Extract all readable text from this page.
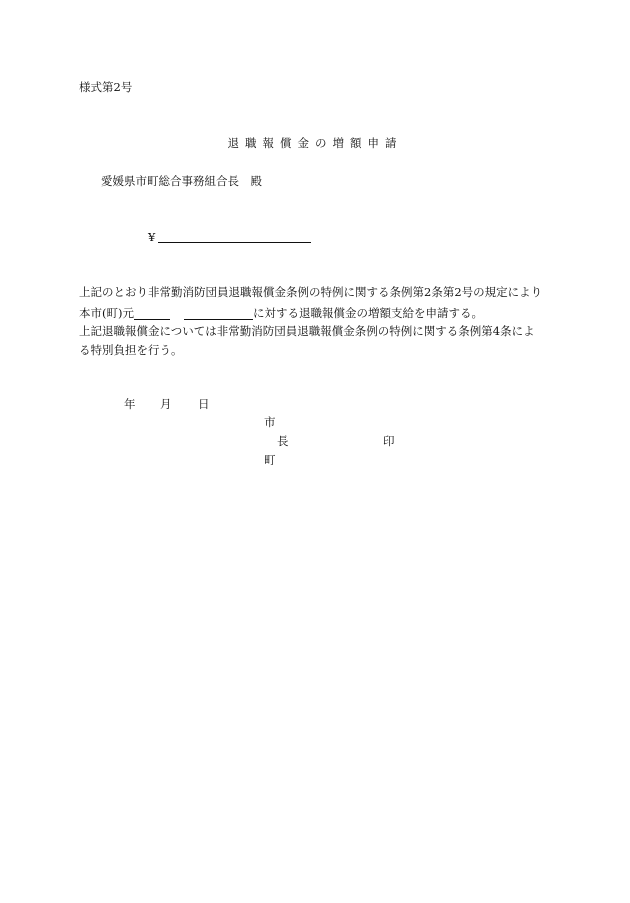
様式第2号
退職報償金の増額申請
愛媛県市町総合事務組合長　殿
¥
上記のとおり非常勤消防団員退職報償金条例の特例に関する条例第2条第2号の規定により
本市(町)元	に対する退職報償金の増額支給を申請する。
上記退職報償金については非常勤消防団員退職報償金条例の特例に関する条例第4条によ
る特別負担を行う。
年 月 日
市
長	印
町
